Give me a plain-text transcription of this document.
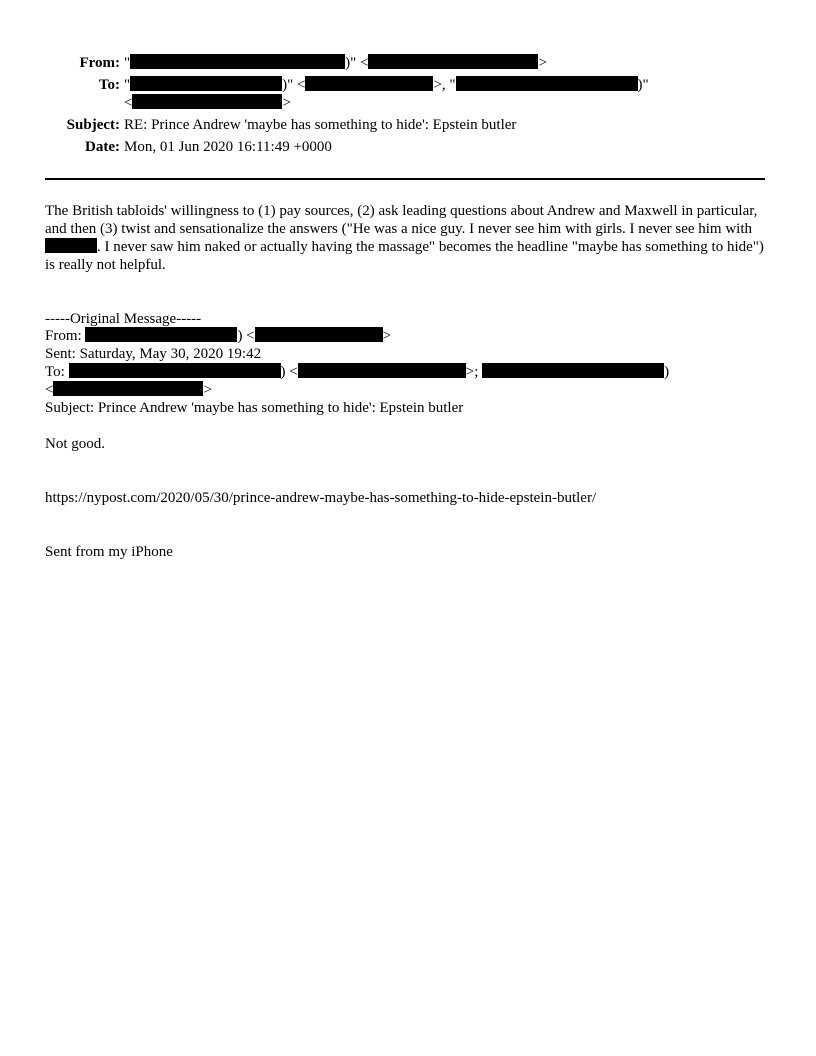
From: "	)" <	>
To: "	)" <	>, "	)"
<	>
Subject: RE: Prince Andrew 'maybe has something to hide': Epstein butler
Date: Mon, 01 Jun 2020 16:11:49 +0000
The British tabloids' willingness to (1) pay sources, (2) ask leading questions about Andrew and Maxwell in particular, and then (3) twist and sensationalize the answers ("He was a nice guy. I never see him with girls. I never see him with . I never saw him naked or actually having the massage" becomes the headline "maybe has something to hide") is really not helpful.
-----Original Message-----
From:	) <	>
Sent: Saturday, May 30, 2020 19:42
To:	) <	>;	)
<	>
Subject: Prince Andrew 'maybe has something to hide': Epstein butler
Not good.
https://nypost.com/2020/05/30/prince-andrew-maybe-has-something-to-hide-epstein-butler/
Sent from my iPhone
